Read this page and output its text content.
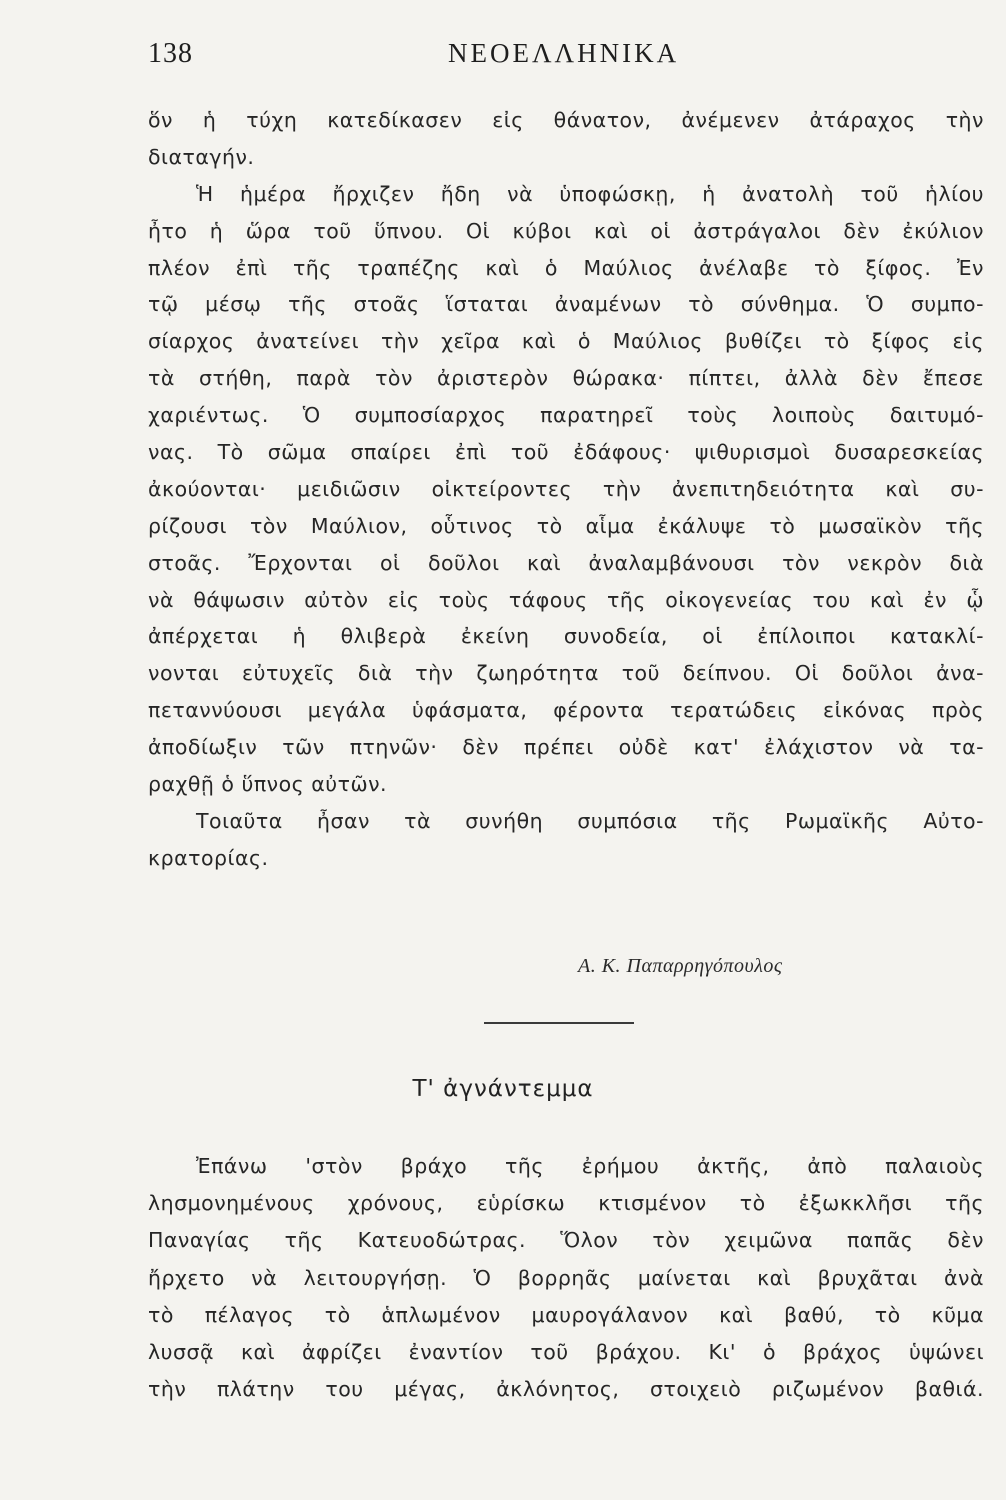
138	ΝΕΟΕΛΛΗΝΙΚΑ
ὅν ἡ τύχη κατεδίκασεν εἰς θάνατον, ἀνέμενεν ἀτάραχος τὴν
διαταγήν.
Ἡ ἡμέρα ἤρχιζεν ἤδη νὰ ὑποφώσκῃ, ἡ ἀνατολὴ τοῦ ἡλίου
ἦτο ἡ ὥρα τοῦ ὕπνου. Οἱ κύβοι καὶ οἱ ἀστράγαλοι δὲν ἐκύλιον
πλέον ἐπὶ τῆς τραπέζης καὶ ὁ Μαύλιος ἀνέλαβε τὸ ξίφος. Ἐν
τῷ μέσῳ τῆς στοᾶς ἵσταται ἀναμένων τὸ σύνθημα. Ὁ συμπο-
σίαρχος ἀνατείνει τὴν χεῖρα καὶ ὁ Μαύλιος βυθίζει τὸ ξίφος εἰς
τὰ στήθη, παρὰ τὸν ἀριστερὸν θώρακα· πίπτει, ἀλλὰ δὲν ἔπεσε
χαριέντως. Ὁ συμποσίαρχος παρατηρεῖ τοὺς λοιποὺς δαιτυμό-
νας. Τὸ σῶμα σπαίρει ἐπὶ τοῦ ἐδάφους· ψιθυρισμοὶ δυσαρεσκείας
ἀκούονται· μειδιῶσιν οἰκτείροντες τὴν ἀνεπιτηδειότητα καὶ συ-
ρίζουσι τὸν Μαύλιον, οὗτινος τὸ αἷμα ἐκάλυψε τὸ μωσαϊκὸν τῆς
στοᾶς. Ἔρχονται οἱ δοῦλοι καὶ ἀναλαμβάνουσι τὸν νεκρὸν διὰ
νὰ θάψωσιν αὐτὸν εἰς τοὺς τάφους τῆς οἰκογενείας του καὶ ἐν ᾧ
ἀπέρχεται ἡ θλιβερὰ ἐκείνη συνοδεία, οἱ ἐπίλοιποι κατακλί-
νονται εὐτυχεῖς διὰ τὴν ζωηρότητα τοῦ δείπνου. Οἱ δοῦλοι ἀνα-
πεταννύουσι μεγάλα ὑφάσματα, φέροντα τερατώδεις εἰκόνας πρὸς
ἀποδίωξιν τῶν πτηνῶν· δὲν πρέπει οὐδὲ κατ' ἐλάχιστον νὰ τα-
ραχθῇ ὁ ὕπνος αὐτῶν.
Τοιαῦτα ἦσαν τὰ συνήθη συμπόσια τῆς Ρωμαϊκῆς Αὐτο-
κρατορίας.
Α. Κ. Παπαρρηγόπουλος
Τ' ἀγνάντεμμα
Ἐπάνω 'στὸν βράχο τῆς ἐρήμου ἀκτῆς, ἀπὸ παλαιοὺς
λησμονημένους χρόνους, εὑρίσκω κτισμένον τὸ ἐξωκκλῆσι τῆς
Παναγίας τῆς Κατευοδώτρας. Ὅλον τὸν χειμῶνα παπᾶς δὲν
ἤρχετο νὰ λειτουργήσῃ. Ὁ βορρηᾶς μαίνεται καὶ βρυχᾶται ἀνὰ
τὸ πέλαγος τὸ ἁπλωμένον μαυρογάλανον καὶ βαθύ, τὸ κῦμα
λυσσᾷ καὶ ἀφρίζει ἐναντίον τοῦ βράχου. Κι' ὁ βράχος ὑψώνει
τὴν πλάτην του μέγας, ἀκλόνητος, στοιχειὸ ριζωμένον βαθιά.
